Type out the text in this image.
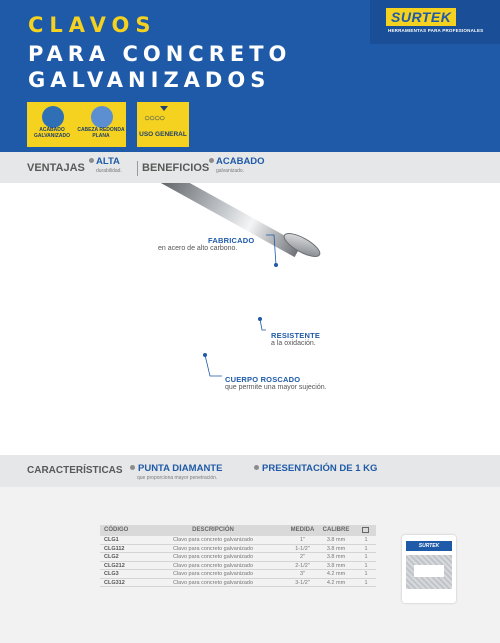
CLAVOS
PARA CONCRETO
GALVANIZADOS
SURTEK
HERRAMIENTAS PARA PROFESIONALES
ACABADO GALVANIZADO
CABEZA REDONDA PLANA
○○○○
USO GENERAL
VENTAJAS
ALTA
durabilidad. BENEFICIOS
ACABADO
galvanizado.
FABRICADO
en acero de alto carbono.
RESISTENTE
a la oxidación.
CUERPO ROSCADO
que permite una mayor sujeción.
CARACTERÍSTICAS PUNTA DIAMANTE
que proporciona mayor penetración.
PRESENTACIÓN DE 1 KG
CÓDIGO	DESCRIPCIÓN	MEDIDA CALIBRE
CLG1	Clavo para concreto galvanizado	1"	3.8 mm	1
CLG112	Clavo para concreto galvanizado	1-1/2"	3.8 mm	1
CLG2	Clavo para concreto galvanizado	2"	3.8 mm	1
CLG212	Clavo para concreto galvanizado	2-1/2"	3.8 mm	1
CLG3	Clavo para concreto galvanizado	3"	4.2 mm	1
CLG312	Clavo para concreto galvanizado	3-1/2"	4.2 mm	1
SURTEK
